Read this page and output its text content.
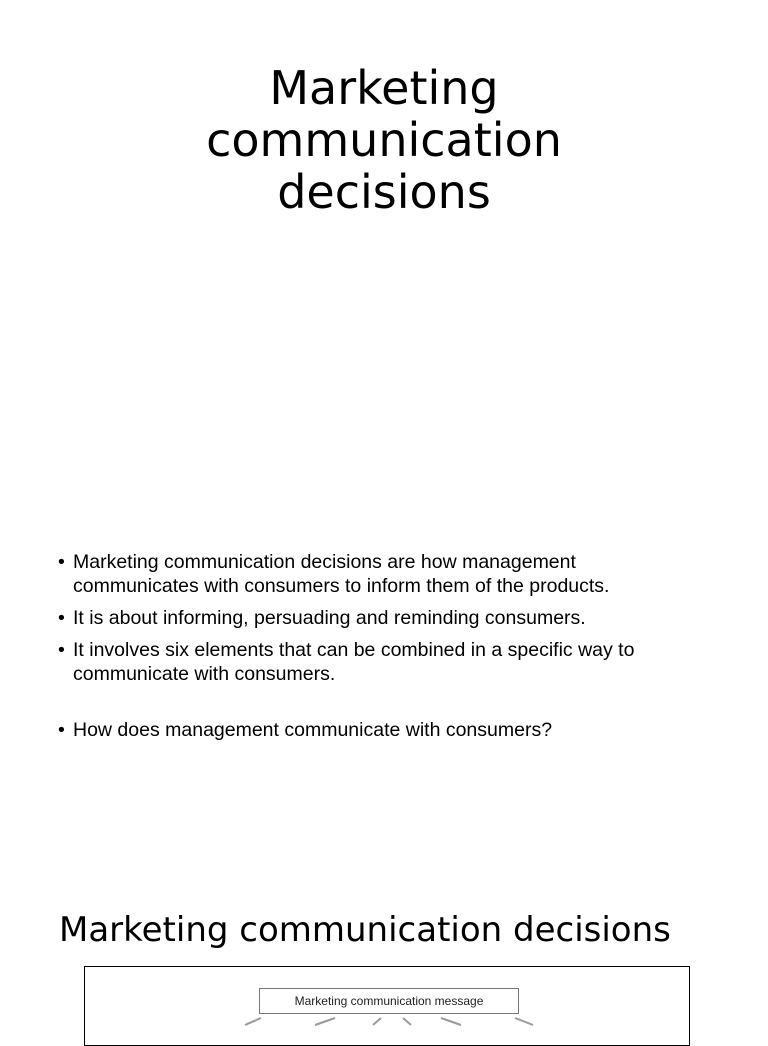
Marketing
communication
decisions
• Marketing communication decisions are how management communicates with consumers to inform them of the products.
• It is about informing, persuading and reminding consumers.
• It involves six elements that can be combined in a specific way to communicate with consumers.
• How does management communicate with consumers?
Marketing communication decisions
Marketing communication message
